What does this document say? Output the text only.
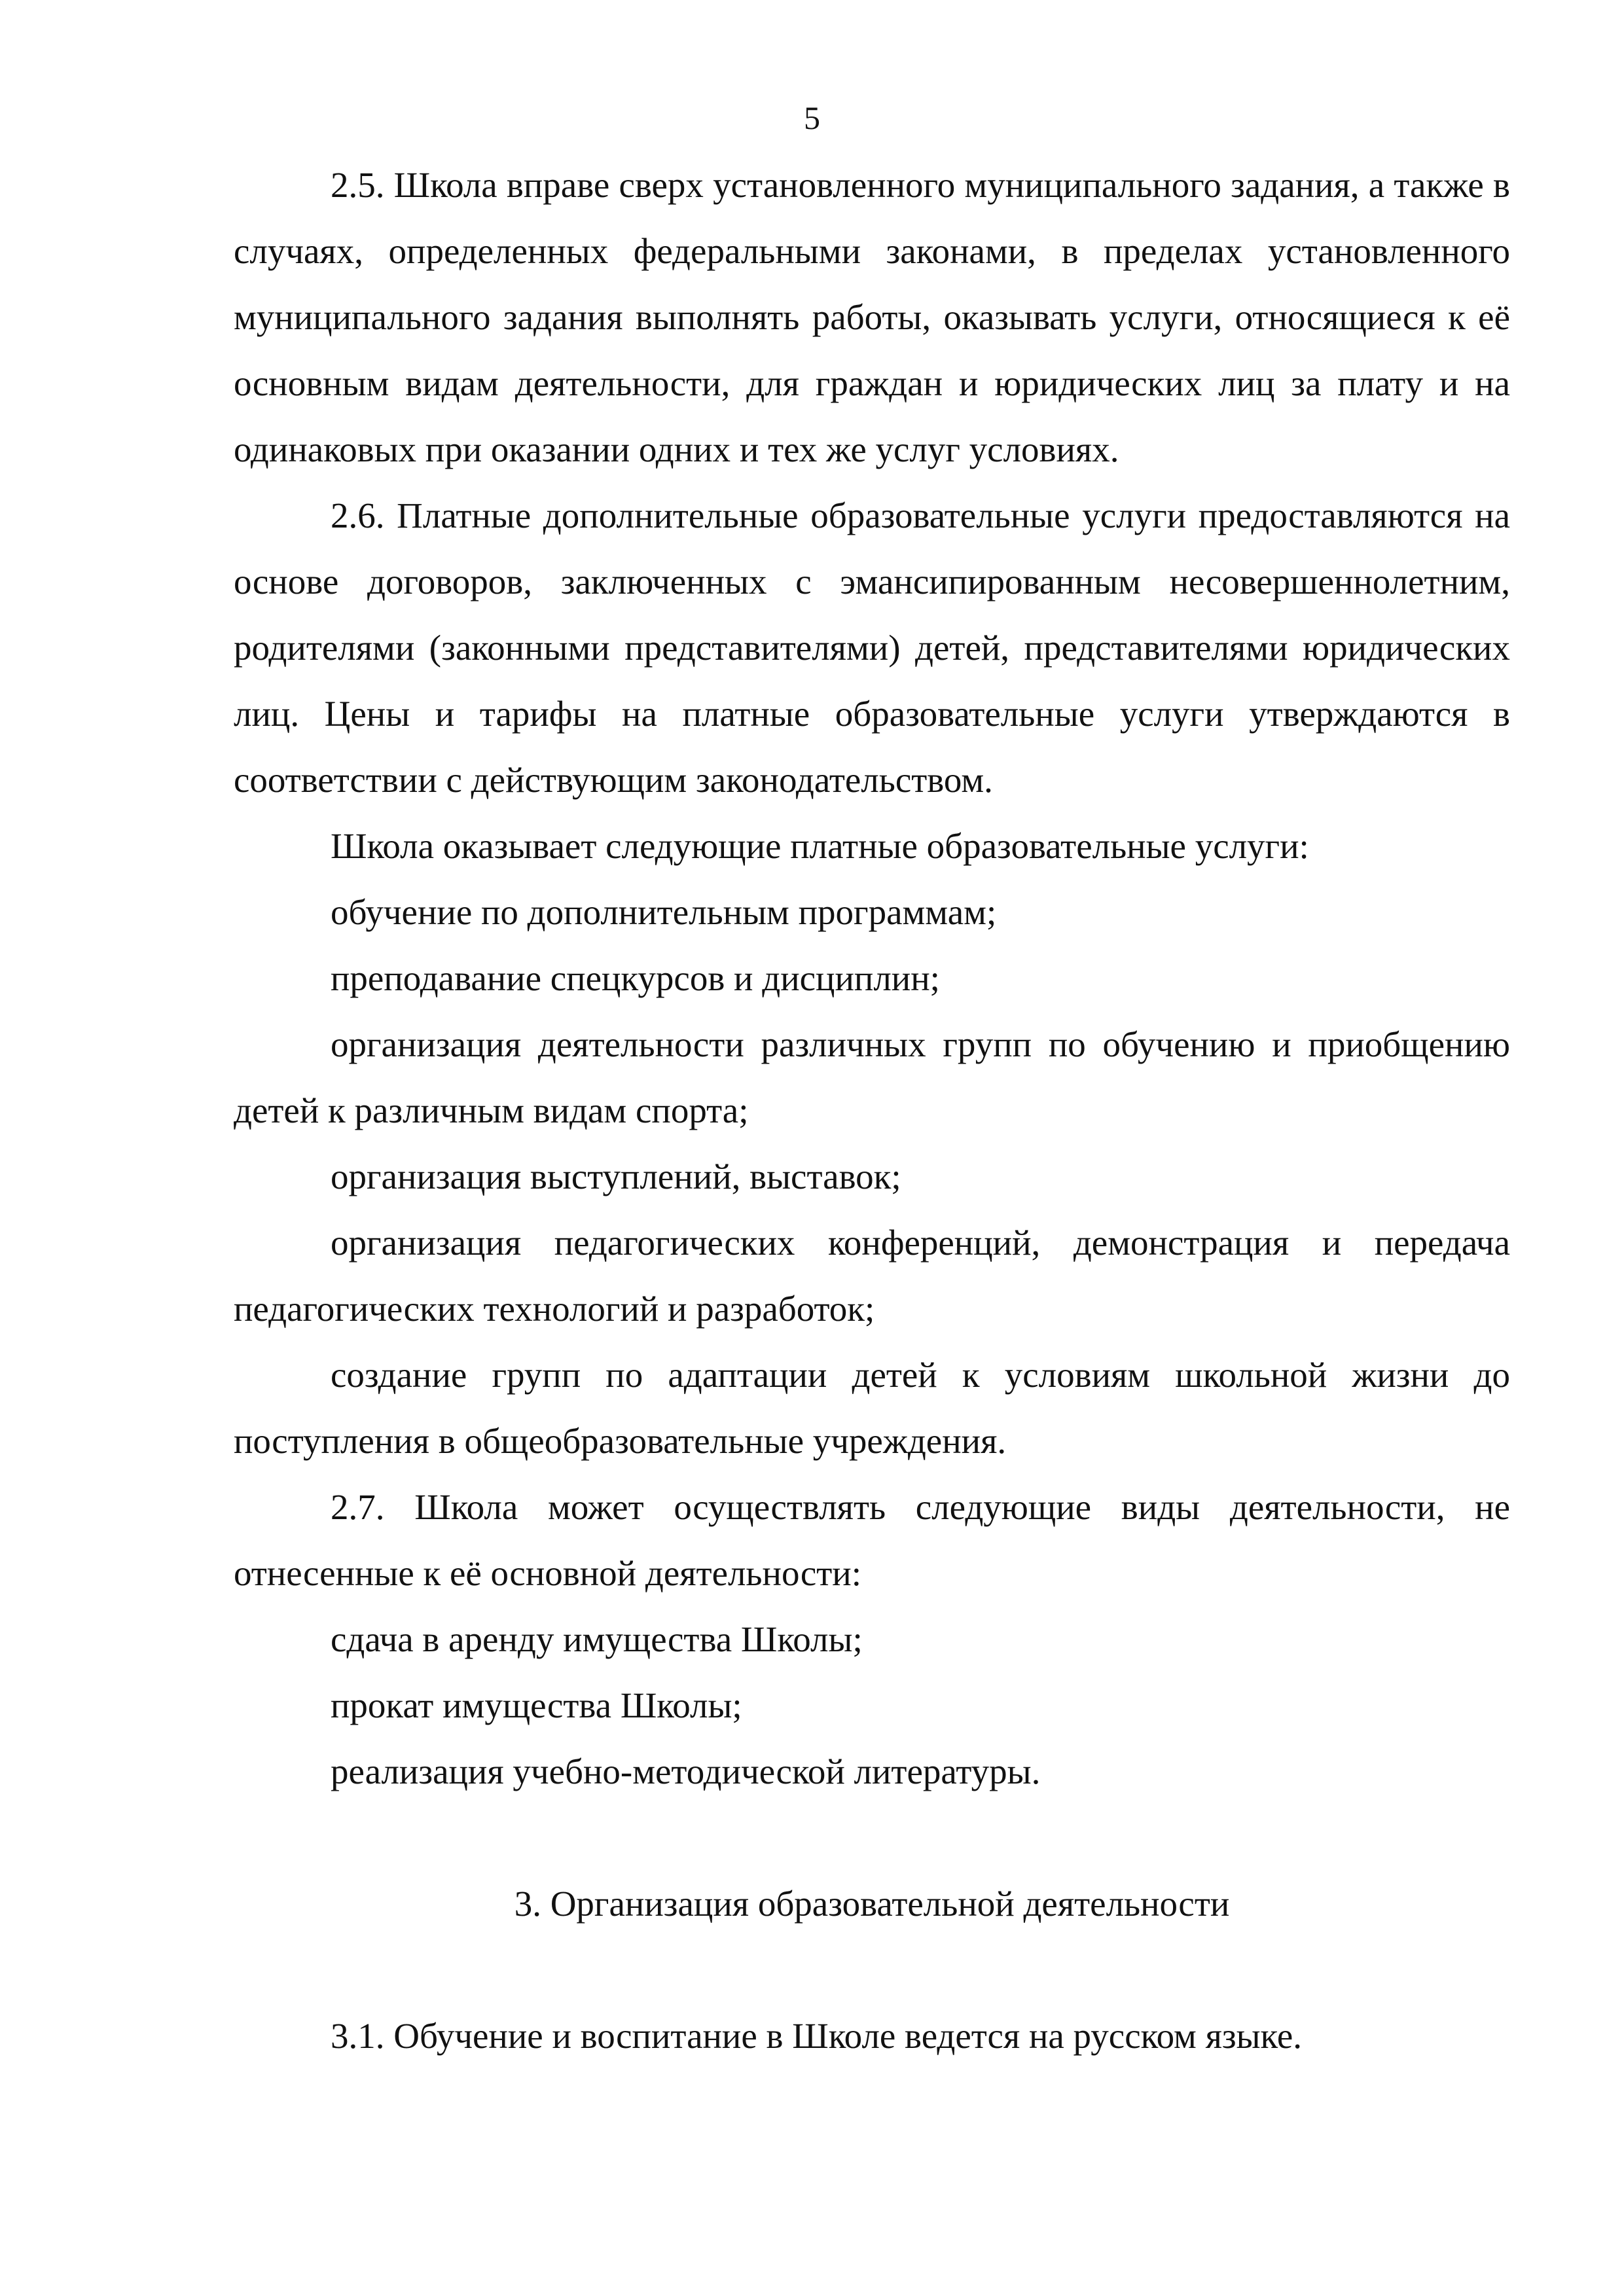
5

2.5. Школа вправе сверх установленного муниципального задания, а также в случаях, определенных федеральными законами, в пределах установленного муниципального задания выполнять работы, оказывать услуги, относящиеся к её основным видам деятельности, для граждан и юридических лиц за плату и на одинаковых при оказании одних и тех же услуг условиях.

2.6. Платные дополнительные образовательные услуги предоставляются на основе договоров, заключенных с эмансипированным несовершеннолетним, родителями (законными представителями) детей, представителями юридических лиц. Цены и тарифы на платные образовательные услуги утверждаются в соответствии с действующим законодательством.

Школа оказывает следующие платные образовательные услуги:

обучение по дополнительным программам;

преподавание спецкурсов и дисциплин;

организация деятельности различных групп по обучению и приобщению детей к различным видам спорта;

организация выступлений, выставок;

организация педагогических конференций, демонстрация и передача педагогических технологий и разработок;

создание групп по адаптации детей к условиям школьной жизни до поступления в общеобразовательные учреждения.

2.7. Школа может осуществлять следующие виды деятельности, не отнесенные к её основной деятельности:

сдача в аренду имущества Школы;

прокат имущества Школы;

реализация учебно-методической литературы.

3. Организация образовательной деятельности

3.1. Обучение и воспитание в Школе ведется на русском языке.
